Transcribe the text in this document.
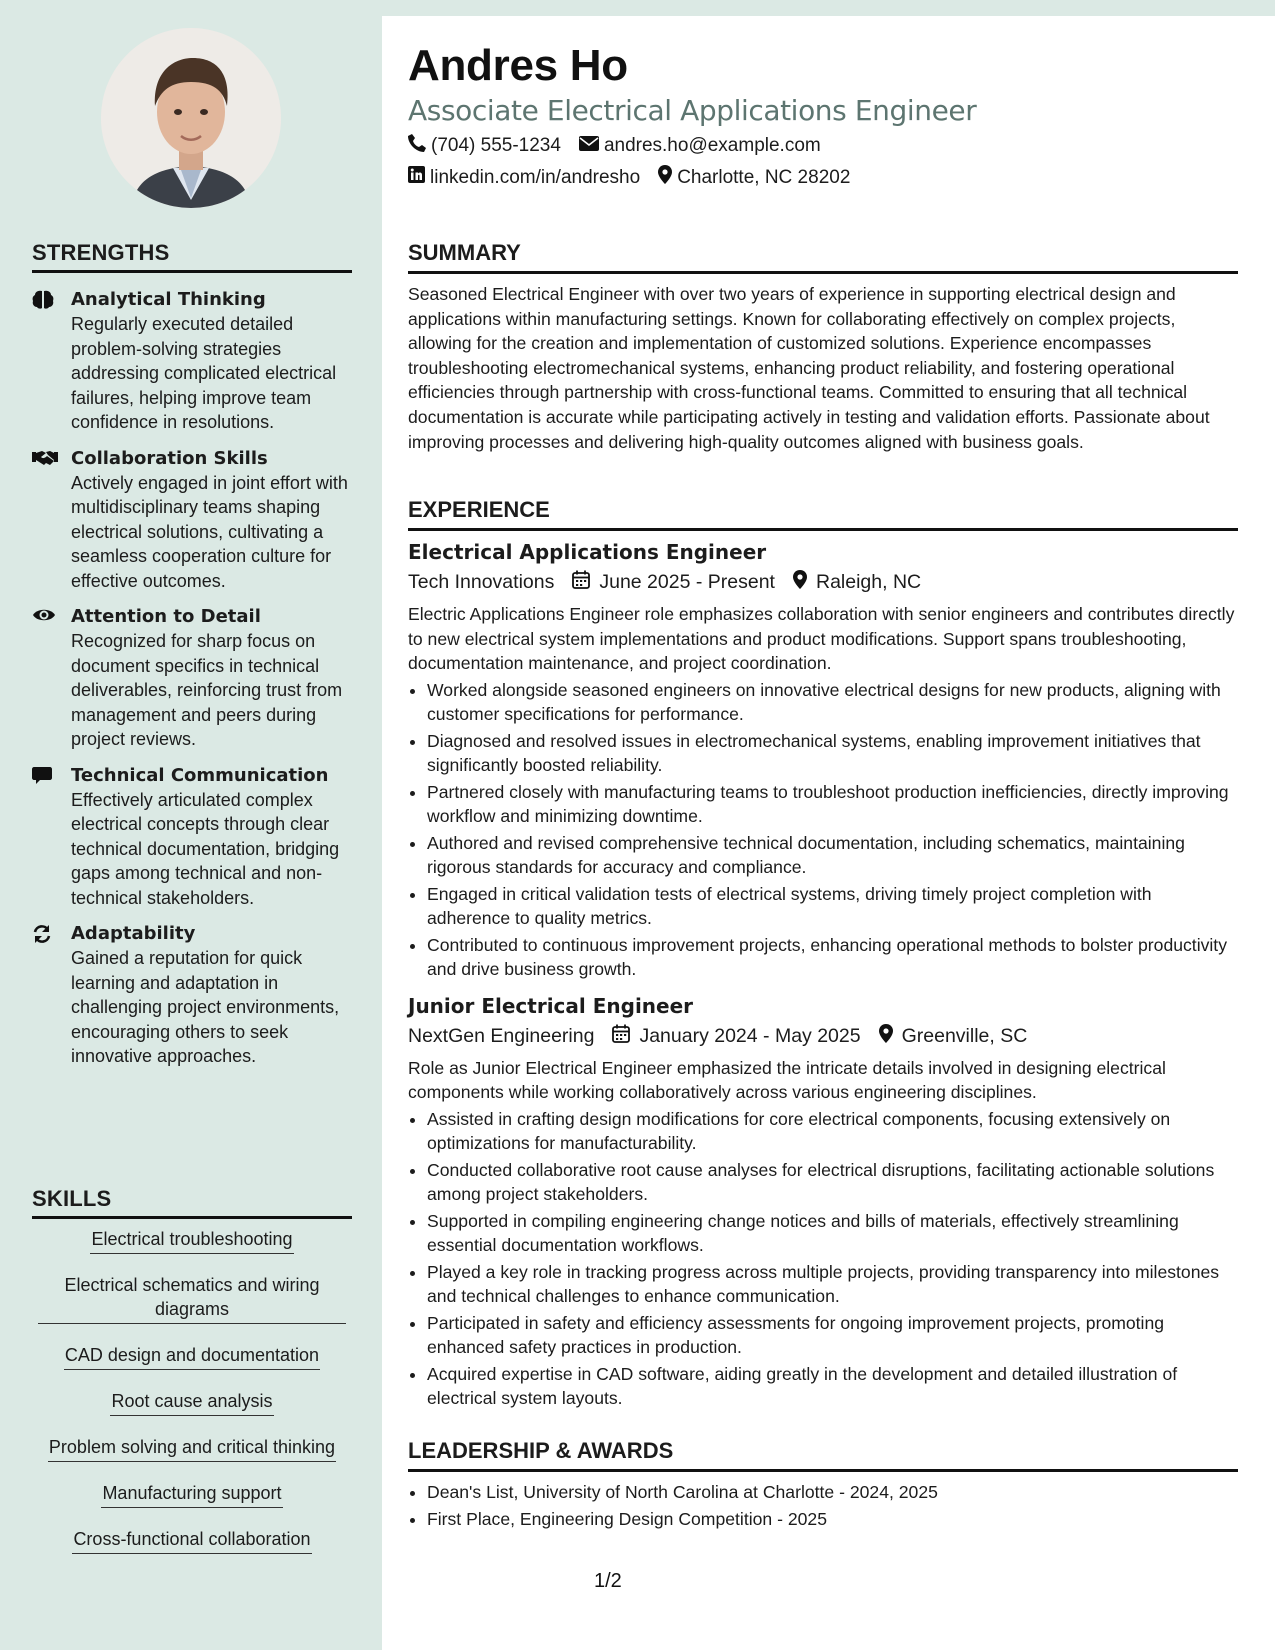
STRENGTHS
Analytical Thinking
Regularly executed detailed problem-solving strategies addressing complicated electrical failures, helping improve team confidence in resolutions.
Collaboration Skills
Actively engaged in joint effort with multidisciplinary teams shaping electrical solutions, cultivating a seamless cooperation culture for effective outcomes.
Attention to Detail
Recognized for sharp focus on document specifics in technical deliverables, reinforcing trust from management and peers during project reviews.
Technical Communication
Effectively articulated complex electrical concepts through clear technical documentation, bridging gaps among technical and non-technical stakeholders.
Adaptability
Gained a reputation for quick learning and adaptation in challenging project environments, encouraging others to seek innovative approaches.
SKILLS
Electrical troubleshooting
Electrical schematics and wiring diagrams
CAD design and documentation
Root cause analysis
Problem solving and critical thinking
Manufacturing support
Cross-functional collaboration
Andres Ho
Associate Electrical Applications Engineer
(704) 555-1234 andres.ho@example.com
linkedin.com/in/andresho Charlotte, NC 28202
SUMMARY

Seasoned Electrical Engineer with over two years of experience in supporting electrical design and applications within manufacturing settings. Known for collaborating effectively on complex projects, allowing for the creation and implementation of customized solutions. Experience encompasses troubleshooting electromechanical systems, enhancing product reliability, and fostering operational efficiencies through partnership with cross-functional teams. Committed to ensuring that all technical documentation is accurate while participating actively in testing and validation efforts. Passionate about improving processes and delivering high-quality outcomes aligned with business goals.

EXPERIENCE
Electrical Applications Engineer
Tech Innovations June 2025 - Present Raleigh, NC

Electric Applications Engineer role emphasizes collaboration with senior engineers and contributes directly to new electrical system implementations and product modifications. Support spans troubleshooting, documentation maintenance, and project coordination.

• Worked alongside seasoned engineers on innovative electrical designs for new products, aligning with customer specifications for performance.
• Diagnosed and resolved issues in electromechanical systems, enabling improvement initiatives that significantly boosted reliability.
• Partnered closely with manufacturing teams to troubleshoot production inefficiencies, directly improving workflow and minimizing downtime.
• Authored and revised comprehensive technical documentation, including schematics, maintaining rigorous standards for accuracy and compliance.
• Engaged in critical validation tests of electrical systems, driving timely project completion with adherence to quality metrics.
• Contributed to continuous improvement projects, enhancing operational methods to bolster productivity and drive business growth.
Junior Electrical Engineer
NextGen Engineering January 2024 - May 2025 Greenville, SC

Role as Junior Electrical Engineer emphasized the intricate details involved in designing electrical components while working collaboratively across various engineering disciplines.

• Assisted in crafting design modifications for core electrical components, focusing extensively on optimizations for manufacturability.
• Conducted collaborative root cause analyses for electrical disruptions, facilitating actionable solutions among project stakeholders.
• Supported in compiling engineering change notices and bills of materials, effectively streamlining essential documentation workflows.
• Played a key role in tracking progress across multiple projects, providing transparency into milestones and technical challenges to enhance communication.
• Participated in safety and efficiency assessments for ongoing improvement projects, promoting enhanced safety practices in production.
• Acquired expertise in CAD software, aiding greatly in the development and detailed illustration of electrical system layouts.
LEADERSHIP & AWARDS
• Dean's List, University of North Carolina at Charlotte - 2024, 2025
• First Place, Engineering Design Competition - 2025
1/2
